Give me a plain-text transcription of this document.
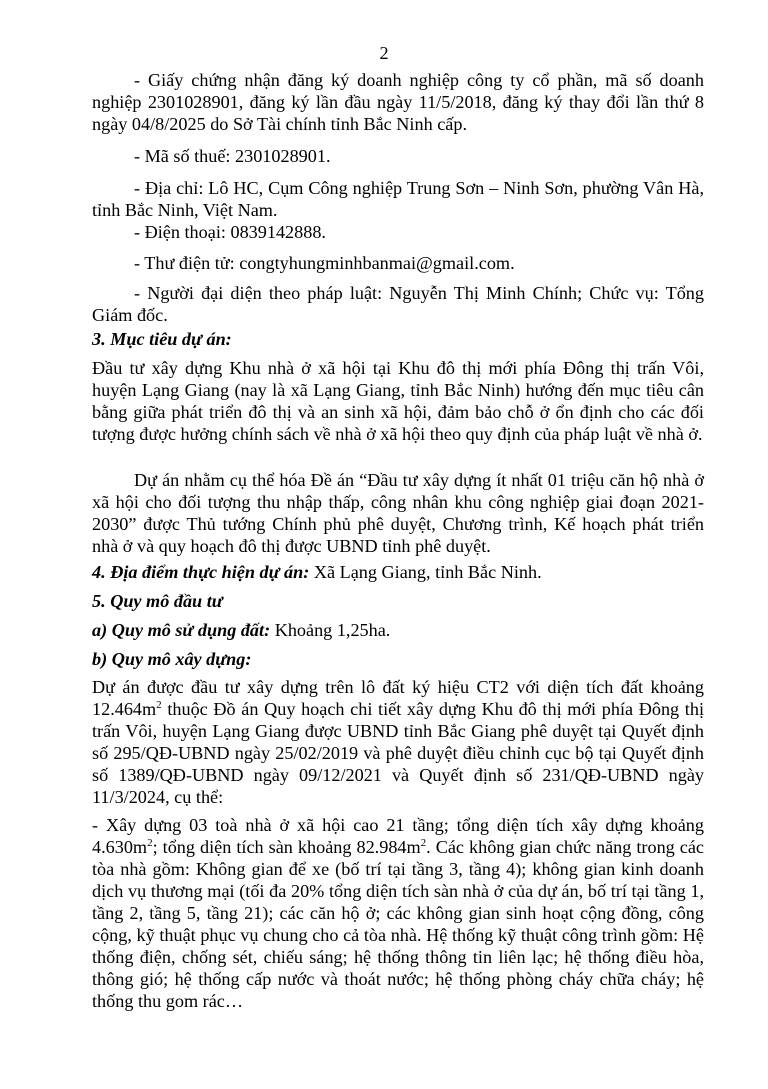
2
- Giấy chứng nhận đăng ký doanh nghiệp công ty cổ phần, mã số doanh nghiệp 2301028901, đăng ký lần đầu ngày 11/5/2018, đăng ký thay đổi lần thứ 8 ngày 04/8/2025 do Sở Tài chính tỉnh Bắc Ninh cấp.
- Mã số thuế: 2301028901.
- Địa chỉ: Lô HC, Cụm Công nghiệp Trung Sơn – Ninh Sơn, phường Vân Hà, tỉnh Bắc Ninh, Việt Nam.
- Điện thoại: 0839142888.
- Thư điện tử: congtyhungminhbanmai@gmail.com.
- Người đại diện theo pháp luật: Nguyễn Thị Minh Chính; Chức vụ: Tổng Giám đốc.
3. Mục tiêu dự án:
Đầu tư xây dựng Khu nhà ở xã hội tại Khu đô thị mới phía Đông thị trấn Vôi, huyện Lạng Giang (nay là xã Lạng Giang, tỉnh Bắc Ninh) hướng đến mục tiêu cân bằng giữa phát triển đô thị và an sinh xã hội, đảm bảo chỗ ở ổn định cho các đối tượng được hưởng chính sách về nhà ở xã hội theo quy định của pháp luật về nhà ở.
Dự án nhằm cụ thể hóa Đề án “Đầu tư xây dựng ít nhất 01 triệu căn hộ nhà ở xã hội cho đối tượng thu nhập thấp, công nhân khu công nghiệp giai đoạn 2021-2030” được Thủ tướng Chính phủ phê duyệt, Chương trình, Kế hoạch phát triển nhà ở và quy hoạch đô thị được UBND tỉnh phê duyệt.
4. Địa điểm thực hiện dự án: Xã Lạng Giang, tỉnh Bắc Ninh.
5. Quy mô đầu tư
a) Quy mô sử dụng đất: Khoảng 1,25ha.
b) Quy mô xây dựng:
Dự án được đầu tư xây dựng trên lô đất ký hiệu CT2 với diện tích đất khoảng $12.464m^2$ thuộc Đồ án Quy hoạch chi tiết xây dựng Khu đô thị mới phía Đông thị trấn Vôi, huyện Lạng Giang được UBND tỉnh Bắc Giang phê duyệt tại Quyết định số 295/QĐ-UBND ngày 25/02/2019 và phê duyệt điều chỉnh cục bộ tại Quyết định số 1389/QĐ-UBND ngày 09/12/2021 và Quyết định số 231/QĐ-UBND ngày 11/3/2024, cụ thể:
- Xây dựng 03 toà nhà ở xã hội cao 21 tầng; tổng diện tích xây dựng khoảng $4.630m^2$; tổng diện tích sàn khoảng $82.984m^2$. Các không gian chức năng trong các tòa nhà gồm: Không gian để xe (bố trí tại tầng 3, tầng 4); không gian kinh doanh dịch vụ thương mại (tối đa 20% tổng diện tích sàn nhà ở của dự án, bố trí tại tầng 1, tầng 2, tầng 5, tầng 21); các căn hộ ở; các không gian sinh hoạt cộng đồng, công cộng, kỹ thuật phục vụ chung cho cả tòa nhà. Hệ thống kỹ thuật công trình gồm: Hệ thống điện, chống sét, chiếu sáng; hệ thống thông tin liên lạc; hệ thống điều hòa, thông gió; hệ thống cấp nước và thoát nước; hệ thống phòng cháy chữa cháy; hệ thống thu gom rác…
